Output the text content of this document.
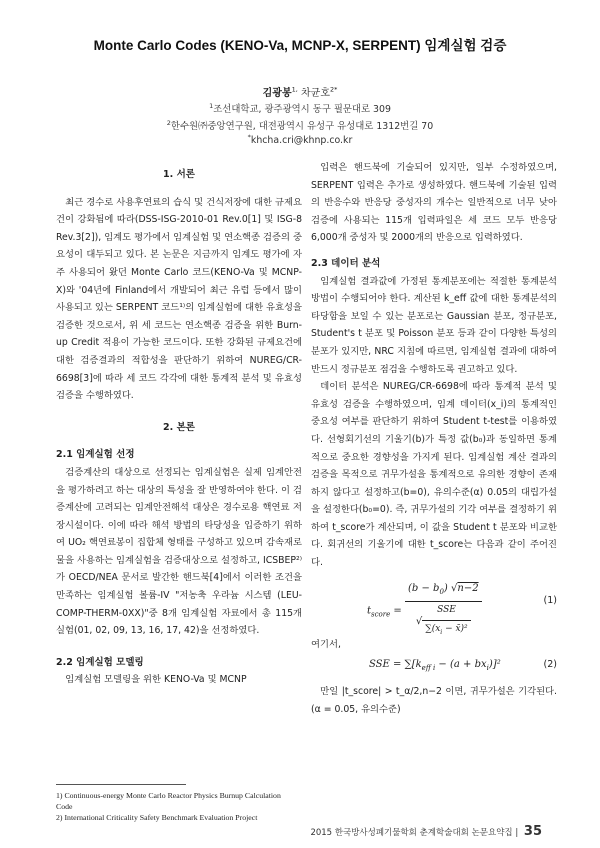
Monte Carlo Codes (KENO-Va, MCNP-X, SERPENT) 임계실험 검증
김광봉$^{1,}$ 차균호$^{2*}$
$^1$조선대학교, 광주광역시 동구 필문대로 309
$^2$한수원㈜중앙연구원, 대전광역시 유성구 유성대로 1312번길 70
*khcha.cri@khnp.co.kr
1. 서론

최근 경수로 사용후연료의 습식 및 건식저장에 대한 규제요건이 강화됨에 따라(DSS-ISG-2010-01 Rev.0[1] 및 ISG-8 Rev.3[2]), 임계도 평가에서 임계실험 및 연소핵종 검증의 중요성이 대두되고 있다. 본 논문은 지금까지 임계도 평가에 자주 사용되어 왔던 Monte Carlo 코드(KENO-Va 및 MCNP-X)와 '04년에 Finland에서 개발되어 최근 유럽 등에서 많이 사용되고 있는 SERPENT 코드¹⁾의 임계실험에 대한 유효성을 검증한 것으로서, 위 세 코드는 연소핵종 검증을 위한 Burn-up Credit 적용이 가능한 코드이다. 또한 강화된 규제요건에 대한 검증결과의 적합성을 판단하기 위하여 NUREG/CR-6698[3]에 따라 세 코드 각각에 대한 통계적 분석 및 유효성 검증을 수행하였다.

2. 본론
2.1 임계실험 선정

검증계산의 대상으로 선정되는 임계실험은 실제 임계안전을 평가하려고 하는 대상의 특성을 잘 반영하여야 한다. 이 검증계산에 고려되는 임계안전해석 대상은 경수로용 핵연료 저장시설이다. 이에 따라 해석 방법의 타당성을 입증하기 위하여 UO₂ 핵연료봉이 집합체 형태를 구성하고 있으며 감속재로 물을 사용하는 임계실험을 검증대상으로 설정하고, ICSBEP²⁾가 OECD/NEA 문서로 발간한 핸드북[4]에서 이러한 조건을 만족하는 임계실험 볼륨-IV "저농축 우라늄 시스템 (LEU-COMP-THERM-0XX)"중 8개 임계실험 자료에서 총 115개 실험(01, 02, 09, 13, 16, 17, 42)을 선정하였다.

2.2 임계실험 모델링

임계실험 모델링을 위한 KENO-Va 및 MCNP

입력은 핸드북에 기술되어 있지만, 일부 수정하였으며, SERPENT 입력은 추가로 생성하였다. 핸드북에 기술된 입력의 반응수와 반응당 중성자의 개수는 일반적으로 너무 낮아 검증에 사용되는 115개 입력파일은 세 코드 모두 반응당 6,000개 중성자 및 2000개의 반응으로 입력하였다.

2.3 데이터 분석

임계실험 결과값에 가정된 통계분포에는 적절한 통계분석 방법이 수행되어야 한다. 계산된 k_eff 값에 대한 통계분석의 타당함을 보일 수 있는 분포로는 Gaussian 분포, 정규분포, Student's t 분포 및 Poisson 분포 등과 같이 다양한 특성의 분포가 있지만, NRC 지침에 따르면, 임계실험 결과에 대하여 반드시 정규분포 점검을 수행하도록 권고하고 있다.

데이터 분석은 NUREG/CR-6698에 따라 통계적 분석 및 유효성 검증을 수행하였으며, 임계 데이터(x_i)의 통계적인 중요성 여부를 판단하기 위하여 Student t-test를 이용하였다. 선형회기선의 기울기(b)가 특정 값(b₀)과 동일하면 통계적으로 중요한 경향성을 가지게 된다. 임계실험 계산 결과의 검증을 목적으로 귀무가설을 통계적으로 유의한 경향이 존재하지 않다고 설정하고(b=0), 유의수준(α) 0.05의 대립가설을 설정한다(b₀=0). 즉, 귀무가설의 기각 여부를 결정하기 위하여 t_score가 계산되며, 이 값을 Student t 분포와 비교한다. 회귀선의 기울기에 대한 t_score는 다음과 같이 주어진다.

$t_{score} = \frac{(b - b_0) √n-2}{√ \frac{\text{SSE}}{\sum(x_i - x̄)^2}}$	(1)
여기서,
SSE = $\sum[k_{eff i} - (a + bx_i)]^2$	(2)

만일 |t_score| > t_α/2,n−2 이면, 귀무가설은 기각된다. (α = 0.05, 유의수준)

1) Continuous-energy Monte Carlo Reactor Physics Burnup Calculation Code
2) International Criticality Safety Benchmark Evaluation Project
2015 한국방사성폐기물학회 춘계학술대회 논문요약집 | 35
